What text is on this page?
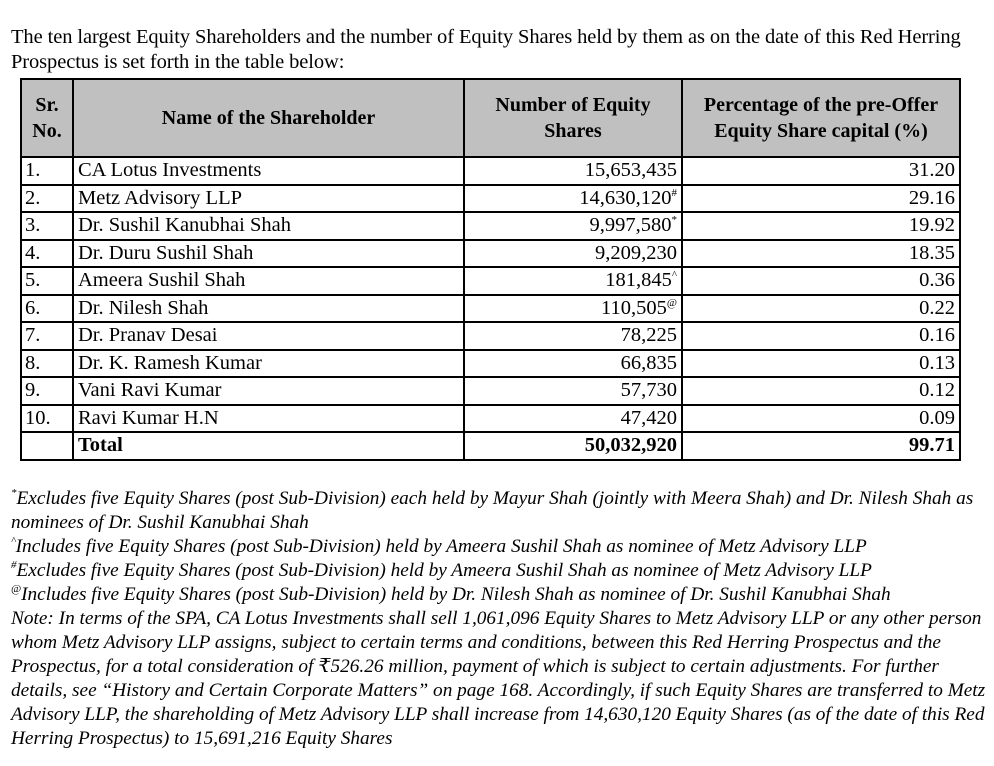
The ten largest Equity Shareholders and the number of Equity Shares held by them as on the date of this Red Herring Prospectus is set forth in the table below:

Sr. No.	Name of the Shareholder	Number of Equity Shares	Percentage of the pre-Offer Equity Share capital (%)
1.	CA Lotus Investments	15,653,435	31.20
2.	Metz Advisory LLP	14,630,120#	29.16
3.	Dr. Sushil Kanubhai Shah	9,997,580*	19.92
4.	Dr. Duru Sushil Shah	9,209,230	18.35
5.	Ameera Sushil Shah	181,845^	0.36
6.	Dr. Nilesh Shah	110,505@	0.22
7.	Dr. Pranav Desai	78,225	0.16
8.	Dr. K. Ramesh Kumar	66,835	0.13
9.	Vani Ravi Kumar	57,730	0.12
10.	Ravi Kumar H.N	47,420	0.09
	Total	50,032,920	99.71

*Excludes five Equity Shares (post Sub-Division) each held by Mayur Shah (jointly with Meera Shah) and Dr. Nilesh Shah as nominees of Dr. Sushil Kanubhai Shah

^Includes five Equity Shares (post Sub-Division) held by Ameera Sushil Shah as nominee of Metz Advisory LLP

#Excludes five Equity Shares (post Sub-Division) held by Ameera Sushil Shah as nominee of Metz Advisory LLP

@Includes five Equity Shares (post Sub-Division) held by Dr. Nilesh Shah as nominee of Dr. Sushil Kanubhai Shah

Note: In terms of the SPA, CA Lotus Investments shall sell 1,061,096 Equity Shares to Metz Advisory LLP or any other person whom Metz Advisory LLP assigns, subject to certain terms and conditions, between this Red Herring Prospectus and the Prospectus, for a total consideration of ₹526.26 million, payment of which is subject to certain adjustments. For further details, see “History and Certain Corporate Matters” on page 168. Accordingly, if such Equity Shares are transferred to Metz Advisory LLP, the shareholding of Metz Advisory LLP shall increase from 14,630,120 Equity Shares (as of the date of this Red Herring Prospectus) to 15,691,216 Equity Shares
